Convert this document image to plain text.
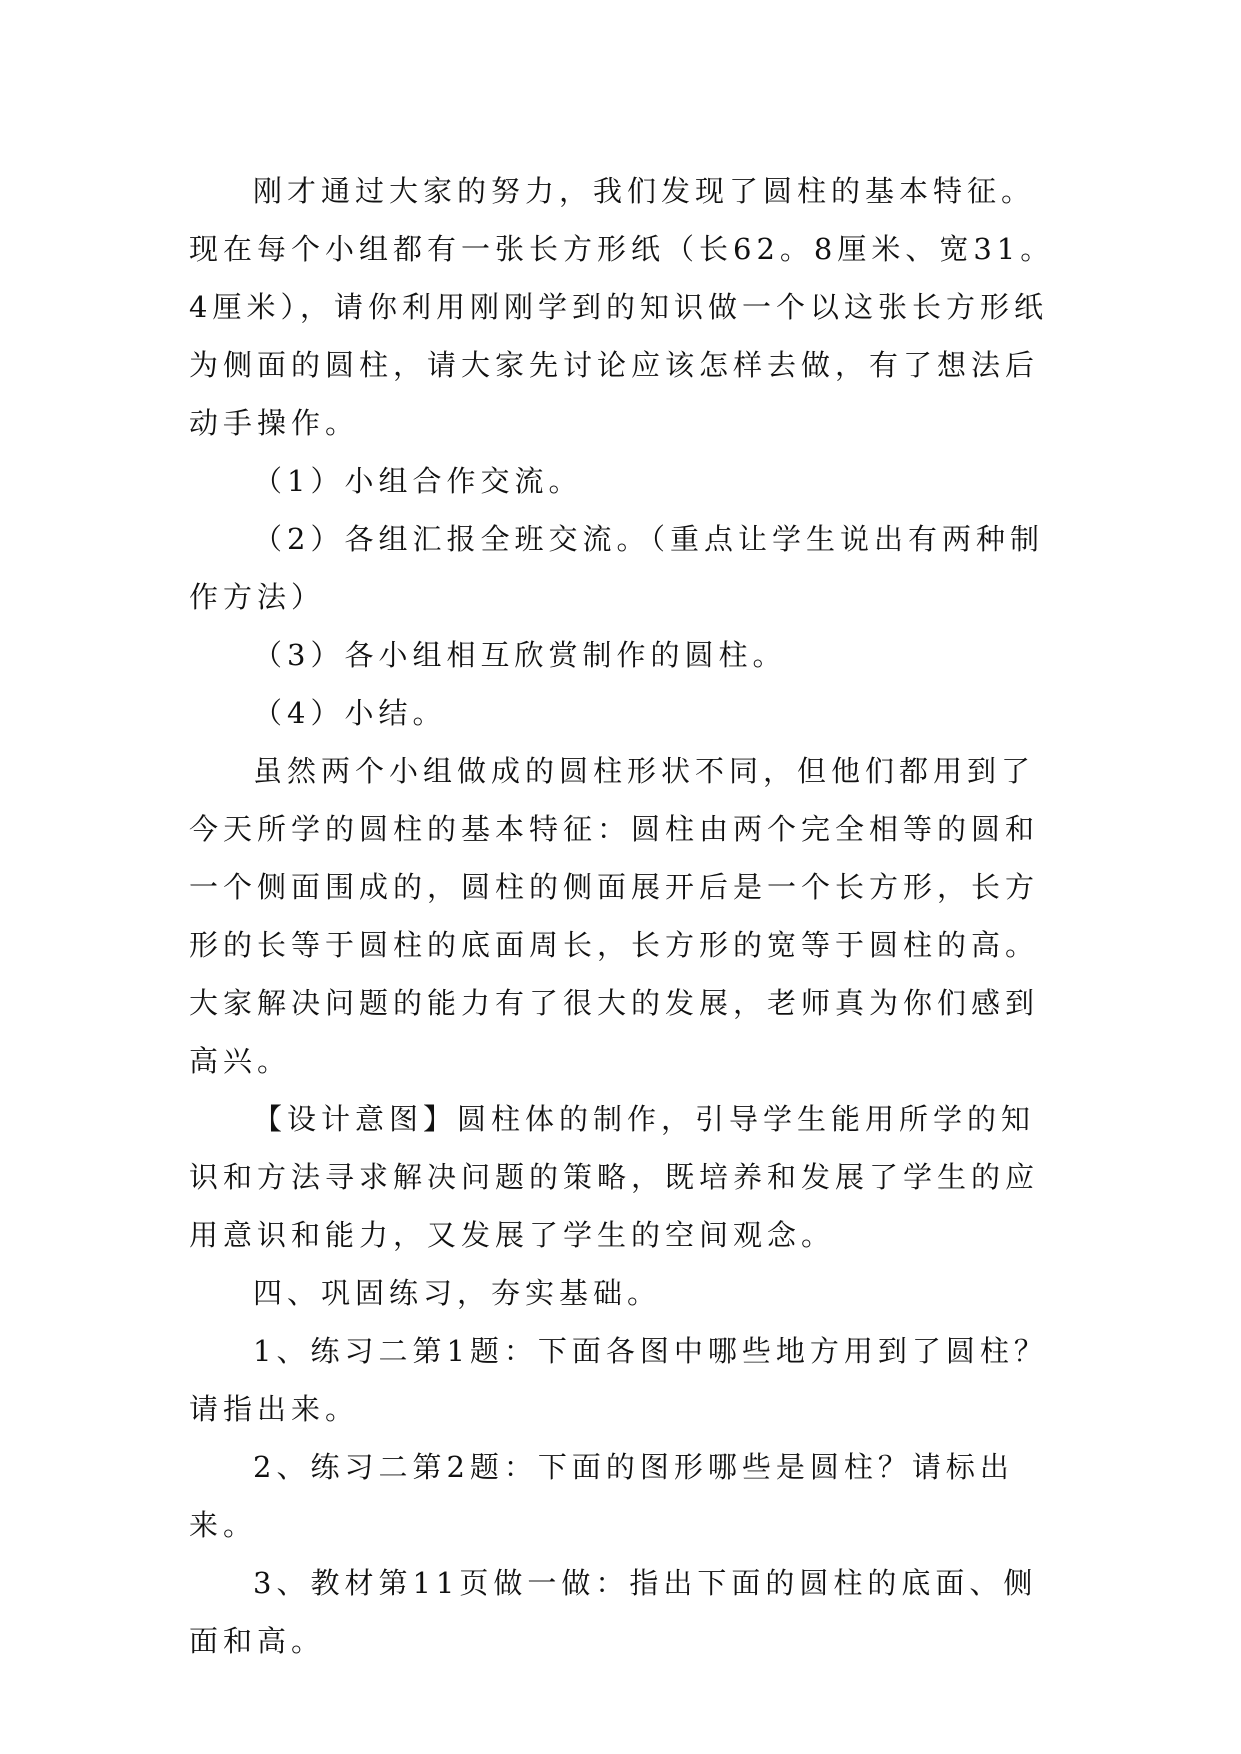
刚才通过大家的努力，我们发现了圆柱的基本特征。现在每个小组都有一张长方形纸（长62。8厘米、宽31。4厘米），请你利用刚刚学到的知识做一个以这张长方形纸为侧面的圆柱，请大家先讨论应该怎样去做，有了想法后动手操作。

（1）小组合作交流。

（2）各组汇报全班交流。（重点让学生说出有两种制作方法）

（3）各小组相互欣赏制作的圆柱。

（4）小结。

虽然两个小组做成的圆柱形状不同，但他们都用到了今天所学的圆柱的基本特征：圆柱由两个完全相等的圆和一个侧面围成的，圆柱的侧面展开后是一个长方形，长方形的长等于圆柱的底面周长，长方形的宽等于圆柱的高。大家解决问题的能力有了很大的发展，老师真为你们感到高兴。

【设计意图】圆柱体的制作，引导学生能用所学的知识和方法寻求解决问题的策略，既培养和发展了学生的应用意识和能力，又发展了学生的空间观念。

四、巩固练习，夯实基础。

1、练习二第1题：下面各图中哪些地方用到了圆柱？请指出来。

2、练习二第2题：下面的图形哪些是圆柱？请标出来。

3、教材第11页做一做：指出下面的圆柱的底面、侧面和高。
